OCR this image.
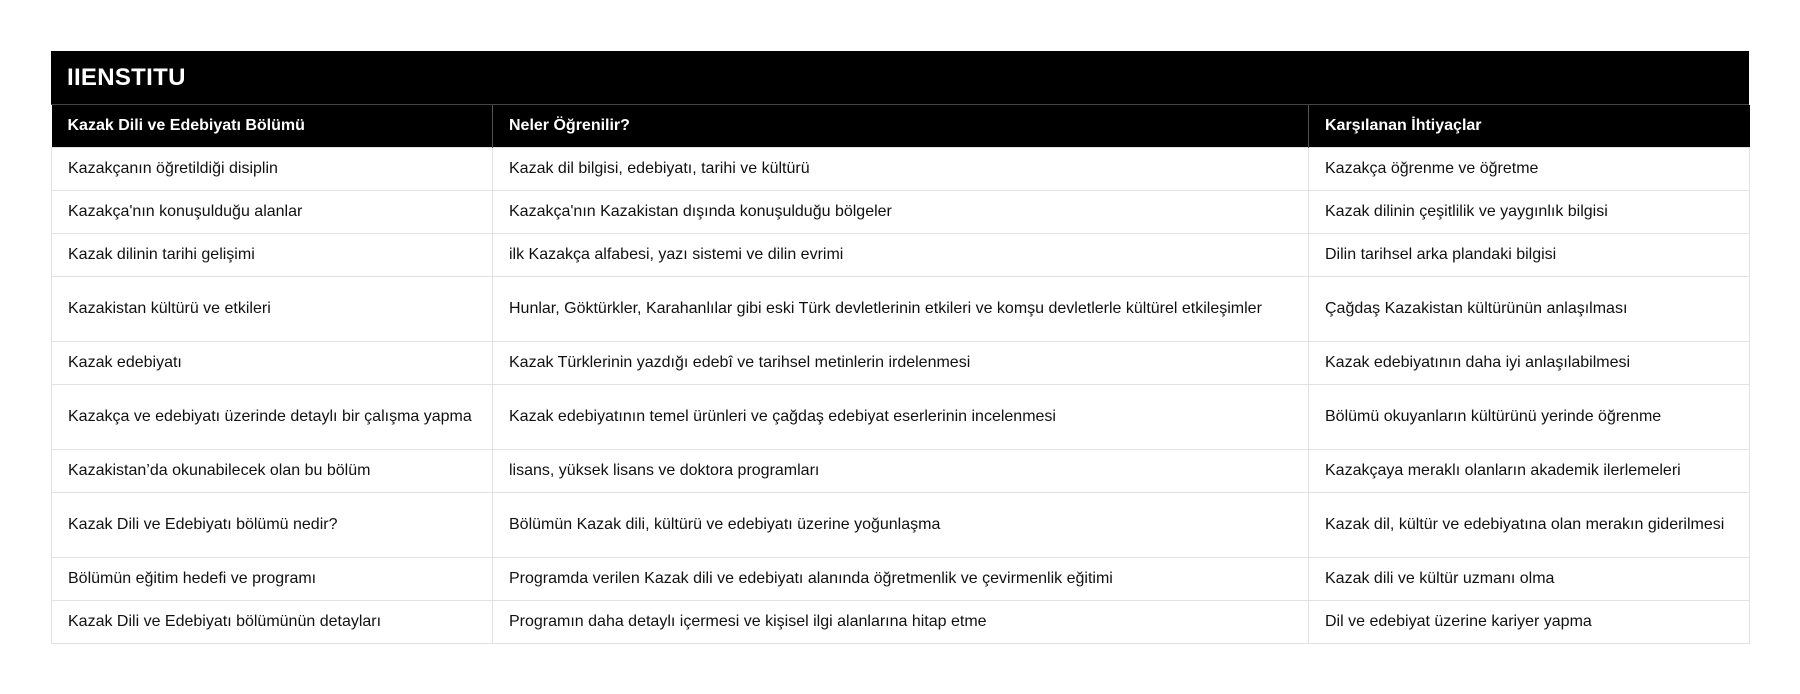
IIENSTITU
Kazak Dili ve Edebiyatı Bölümü	Neler Öğrenilir?	Karşılanan İhtiyaçlar
Kazakçanın öğretildiği disiplin	Kazak dil bilgisi, edebiyatı, tarihi ve kültürü	Kazakça öğrenme ve öğretme
Kazakça'nın konuşulduğu alanlar	Kazakça'nın Kazakistan dışında konuşulduğu bölgeler	Kazak dilinin çeşitlilik ve yaygınlık bilgisi
Kazak dilinin tarihi gelişimi	ilk Kazakça alfabesi, yazı sistemi ve dilin evrimi	Dilin tarihsel arka plandaki bilgisi
Kazakistan kültürü ve etkileri	Hunlar, Göktürkler, Karahanlılar gibi eski Türk devletlerinin etkileri ve komşu devletlerle kültürel etkileşimler	Çağdaş Kazakistan kültürünün anlaşılması
Kazak edebiyatı	Kazak Türklerinin yazdığı edebî ve tarihsel metinlerin irdelenmesi	Kazak edebiyatının daha iyi anlaşılabilmesi
Kazakça ve edebiyatı üzerinde detaylı bir çalışma yapma	Kazak edebiyatının temel ürünleri ve çağdaş edebiyat eserlerinin incelenmesi	Bölümü okuyanların kültürünü yerinde öğrenme
Kazakistan’da okunabilecek olan bu bölüm	lisans, yüksek lisans ve doktora programları	Kazakçaya meraklı olanların akademik ilerlemeleri
Kazak Dili ve Edebiyatı bölümü nedir?	Bölümün Kazak dili, kültürü ve edebiyatı üzerine yoğunlaşma	Kazak dil, kültür ve edebiyatına olan merakın giderilmesi
Bölümün eğitim hedefi ve programı	Programda verilen Kazak dili ve edebiyatı alanında öğretmenlik ve çevirmenlik eğitimi	Kazak dili ve kültür uzmanı olma
Kazak Dili ve Edebiyatı bölümünün detayları	Programın daha detaylı içermesi ve kişisel ilgi alanlarına hitap etme	Dil ve edebiyat üzerine kariyer yapma
